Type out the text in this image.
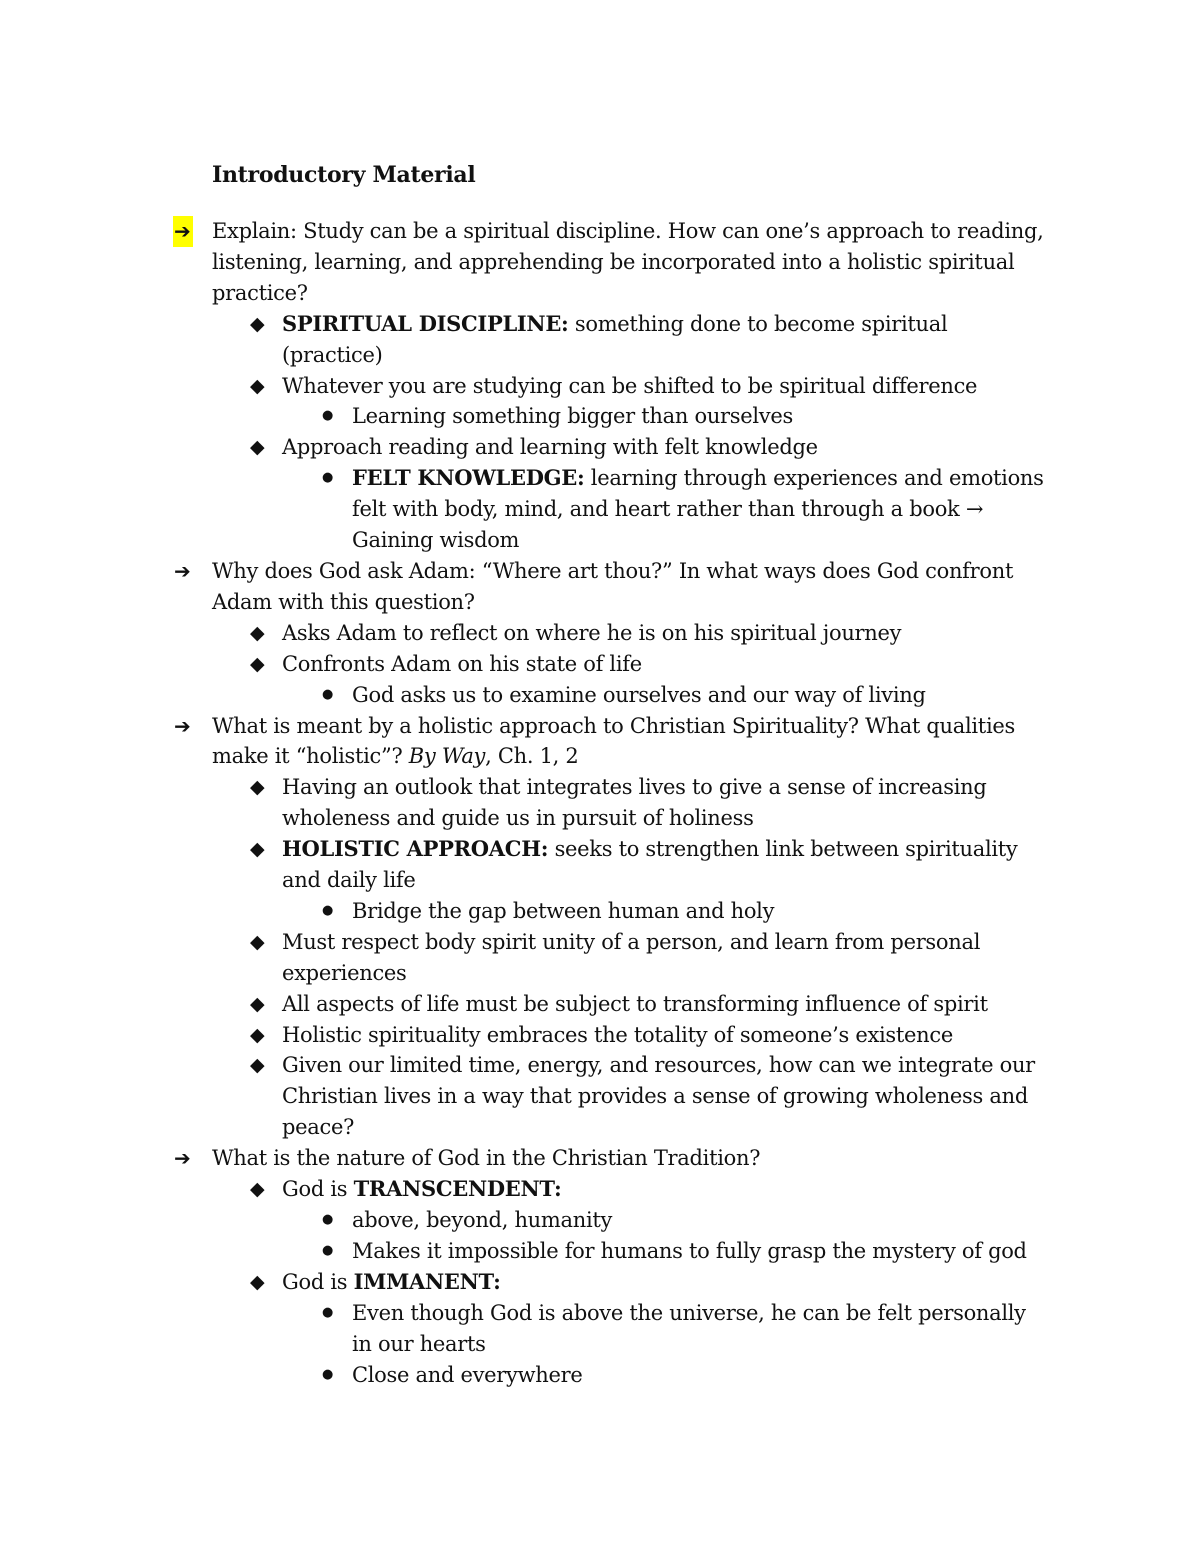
Introductory Material
➔ Explain: Study can be a spiritual discipline. How can one’s approach to reading, listening, learning, and apprehending be incorporated into a holistic spiritual practice?
◆ SPIRITUAL DISCIPLINE: something done to become spiritual (practice)
◆ Whatever you are studying can be shifted to be spiritual difference
● Learning something bigger than ourselves
◆ Approach reading and learning with felt knowledge
● FELT KNOWLEDGE: learning through experiences and emotions felt with body, mind, and heart rather than through a book → Gaining wisdom
➔ Why does God ask Adam: “Where art thou?” In what ways does God confront Adam with this question?
◆ Asks Adam to reflect on where he is on his spiritual journey
◆ Confronts Adam on his state of life
● God asks us to examine ourselves and our way of living
➔ What is meant by a holistic approach to Christian Spirituality? What qualities make it “holistic”? By Way, Ch. 1, 2
◆ Having an outlook that integrates lives to give a sense of increasing wholeness and guide us in pursuit of holiness
◆ HOLISTIC APPROACH: seeks to strengthen link between spirituality and daily life
● Bridge the gap between human and holy
◆ Must respect body spirit unity of a person, and learn from personal experiences
◆ All aspects of life must be subject to transforming influence of spirit
◆ Holistic spirituality embraces the totality of someone’s existence
◆ Given our limited time, energy, and resources, how can we integrate our Christian lives in a way that provides a sense of growing wholeness and peace?
➔ What is the nature of God in the Christian Tradition?
◆ God is TRANSCENDENT:
● above, beyond, humanity
● Makes it impossible for humans to fully grasp the mystery of god
◆ God is IMMANENT:
● Even though God is above the universe, he can be felt personally in our hearts
● Close and everywhere
